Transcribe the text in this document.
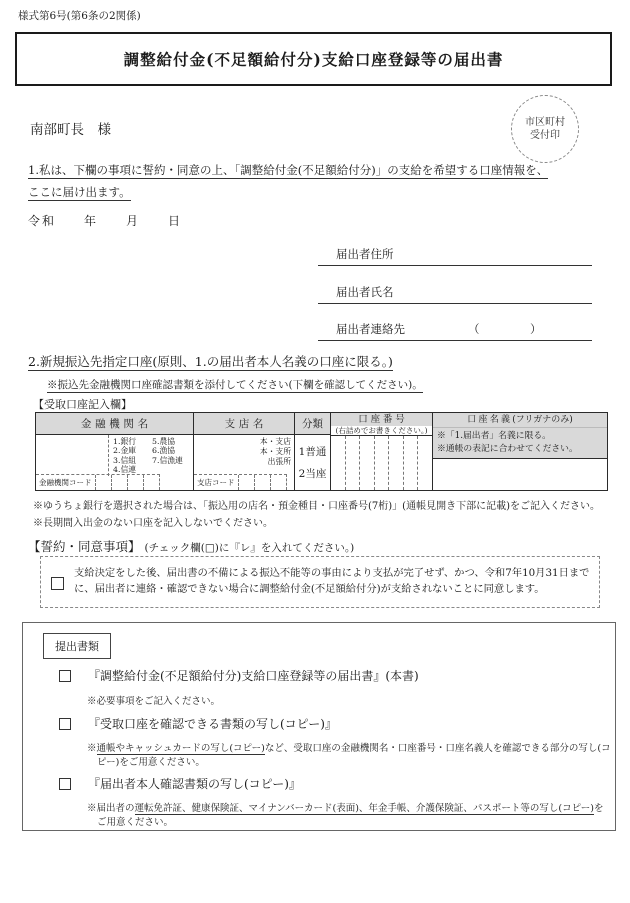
様式第6号(第6条の2関係)
調整給付金(不足額給付分)支給口座登録等の届出書
南部町長　様	市区町村
受付印
1.私は、下欄の事項に誓約・同意の上、「調整給付金(不足額給付分)」の支給を希望する口座情報を、
ここに届け出ます。
令和　　年　　月　　日
届出者住所
届出者氏名
届出者連絡先	（　　　）
2.新規振込先指定口座(原則、1.の届出者本人名義の口座に限る。)
※振込先金融機関口座確認書類を添付してください(下欄を確認してください)。
【受取口座記入欄】
金融機関名
1.銀行
2.金庫
3.信組
4.信連
5.農協
6.漁協
7.信漁連
金融機関コード
支店名
本・支店
本・支所
出張所
支店コード
分類
1普通
2当座
口座番号
(右詰めでお書きください。)
口座名義(フリガナのみ)
※「1.届出者」名義に限る。
※通帳の表記に合わせてください。
※ゆうちょ銀行を選択された場合は、「振込用の店名・預金種目・口座番号(7桁)」(通帳見開き下部に記載)をご記入ください。
※長期間入出金のない口座を記入しないでください。
【誓約・同意事項】 (チェック欄(□)に『レ』を入れてください。)
支給決定をした後、届出書の不備による振込不能等の事由により支払が完了せず、かつ、令和7年10月31日までに、届出者に連絡・確認できない場合に調整給付金(不足額給付分)が支給されないことに同意します。
提出書類
『調整給付金(不足額給付分)支給口座登録等の届出書』(本書)
※必要事項をご記入ください。
『受取口座を確認できる書類の写し(コピー)』
※通帳やキャッシュカードの写し(コピー)など、受取口座の金融機関名・口座番号・口座名義人を確認できる部分の写し(コピー)をご用意ください。
『届出者本人確認書類の写し(コピー)』
※届出者の運転免許証、健康保険証、マイナンバーカード(表面)、年金手帳、介護保険証、パスポート等の写し(コピー)をご用意ください。
